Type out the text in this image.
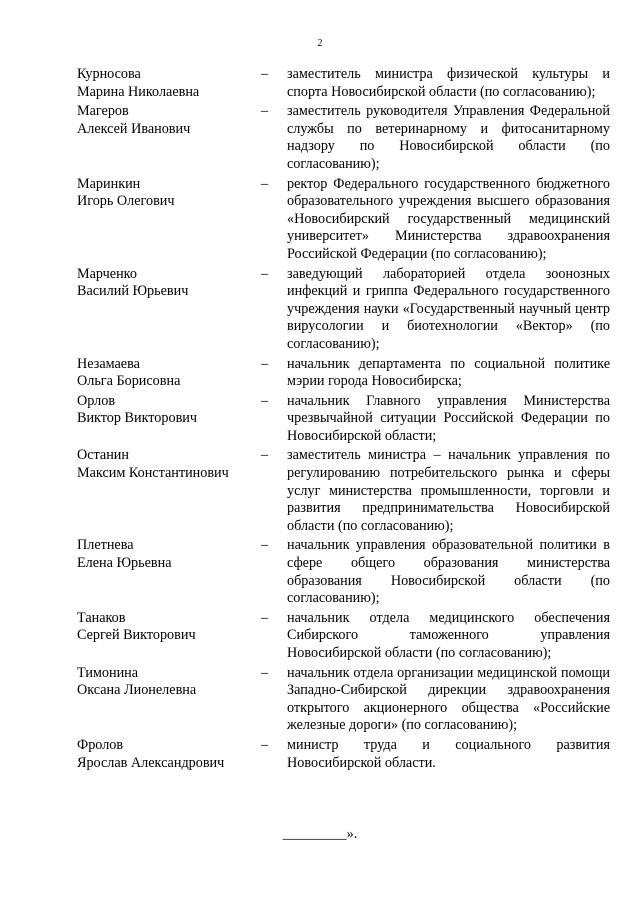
2
Курносова
Марина Николаевна
–	заместитель министра физической культуры и спорта Новосибирской области (по согласованию);
Магеров
Алексей Иванович
–	заместитель руководителя Управления Федеральной службы по ветеринарному и фитосанитарному надзору по Новосибирской области (по согласованию);
Маринкин
Игорь Олегович
–	ректор Федерального государственного бюджетного образовательного учреждения высшего образования «Новосибирский государственный медицинский университет» Министерства здравоохранения Российской Федерации (по согласованию);
Марченко
Василий Юрьевич
–	заведующий лабораторией отдела зоонозных инфекций и гриппа Федерального государственного учреждения науки «Государственный научный центр вирусологии и биотехнологии «Вектор» (по согласованию);
Незамаева
Ольга Борисовна
–	начальник департамента по социальной политике мэрии города Новосибирска;
Орлов
Виктор Викторович
–	начальник Главного управления Министерства чрезвычайной ситуации Российской Федерации по Новосибирской области;
Останин
Максим Константинович
–	заместитель министра – начальник управления по регулированию потребительского рынка и сферы услуг министерства промышленности, торговли и развития предпринимательства Новосибирской области (по согласованию);
Плетнева
Елена Юрьевна
–	начальник управления образовательной политики в сфере общего образования министерства образования Новосибирской области (по согласованию);
Танаков
Сергей Викторович
–	начальник отдела медицинского обеспечения Сибирского таможенного управления Новосибирской области (по согласованию);
Тимонина
Оксана Лионелевна
–	начальник отдела организации медицинской помощи Западно-Сибирской дирекции здравоохранения открытого акционерного общества «Российские железные дороги» (по согласованию);
Фролов
Ярослав Александрович
–	министр труда и социального развития Новосибирской области.
_________».
